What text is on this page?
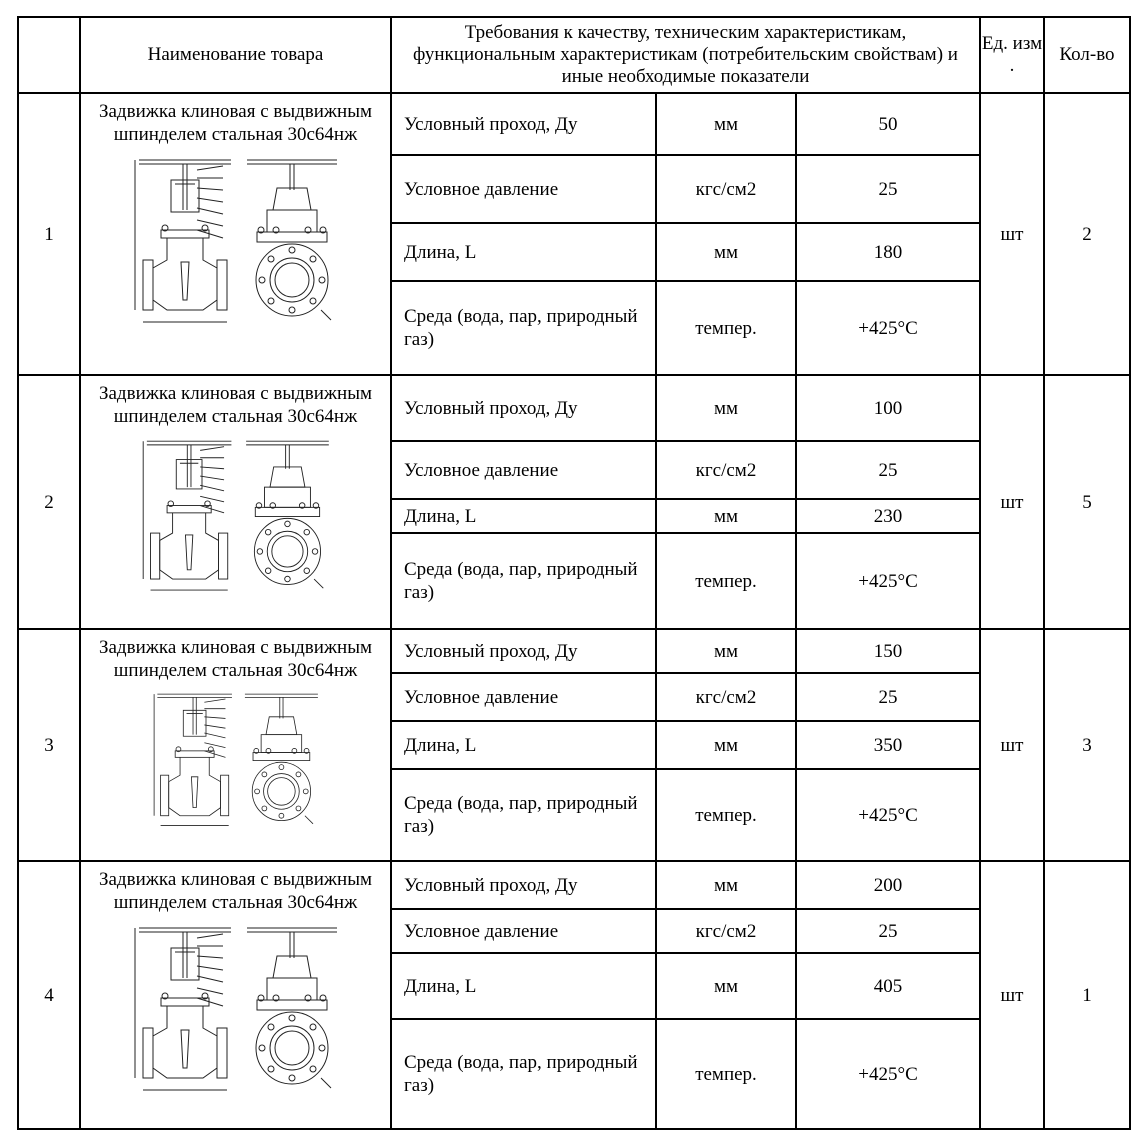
	Наименование товара	Требования к качеству, техническим характеристикам, функциональным характеристикам (потребительским свойствам) и иные необходимые показатели			Ед. изм .	Кол-во
1	Задвижка клиновая с выдвижным шпинделем стальная 30с64нж	Условный проход, Ду	мм	50	шт	2
		Условное давление	кгс/см2	25		
		Длина, L	мм	180		
		Среда (вода, пар, природный газ)	темпер.	+425°С		
2	Задвижка клиновая с выдвижным шпинделем стальная 30с64нж	Условный проход, Ду	мм	100	шт	5
		Условное давление	кгс/см2	25		
		Длина, L	мм	230		
		Среда (вода, пар, природный газ)	темпер.	+425°С		
3	Задвижка клиновая с выдвижным шпинделем стальная 30с64нж	Условный проход, Ду	мм	150	шт	3
		Условное давление	кгс/см2	25		
		Длина, L	мм	350		
		Среда (вода, пар, природный газ)	темпер.	+425°С		
4	Задвижка клиновая с выдвижным шпинделем стальная 30с64нж	Условный проход, Ду	мм	200	шт	1
		Условное давление	кгс/см2	25		
		Длина, L	мм	405		
		Среда (вода, пар, природный газ)	темпер.	+425°С		
